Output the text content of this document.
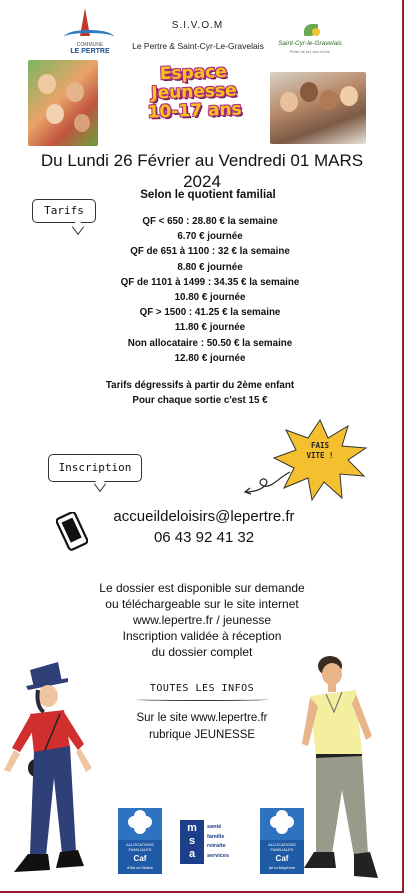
COMMUNE
LE PERTRE
S.I.V.O.M
Le Pertre & Saint-Cyr-Le-Gravelais	Saint-Cyr-le-Gravelais
Porte de la Loire d'Aou
Espace
Jeunesse
10-17 ans
Du Lundi 26 Février au Vendredi 01 MARS
2024
Selon le quotient familial
Tarifs
QF < 650 : 28.80 € la semaine
6.70 € journée
QF de 651 à 1100 : 32 € la semaine
8.80 € journée
QF de 1101 à 1499 : 34.35 € la semaine
10.80 € journée
QF > 1500 : 41.25 € la semaine
11.80 € journée
Non allocataire : 50.50 € la semaine
12.80 € journée
Tarifs dégressifs à partir du 2ème enfant
Pour chaque sortie c'est 15 €
FAIS
VITE !
Inscription
accueildeloisirs@lepertre.fr
06 43 92 41 32
Le dossier est disponible sur demande
ou téléchargeable sur le site internet
www.lepertre.fr / jeunesse
Inscription validée à réception
du dossier complet
TOUTES LES INFOS
Sur le site www.lepertre.fr
rubrique JEUNESSE
ALLOCATIONS
FAMILIALES
Caf
d'Ille-et-Vilaine
m
s
a
santé
famille
retraite
services
ALLOCATIONS
FAMILIALES
Caf
de la Mayenne
